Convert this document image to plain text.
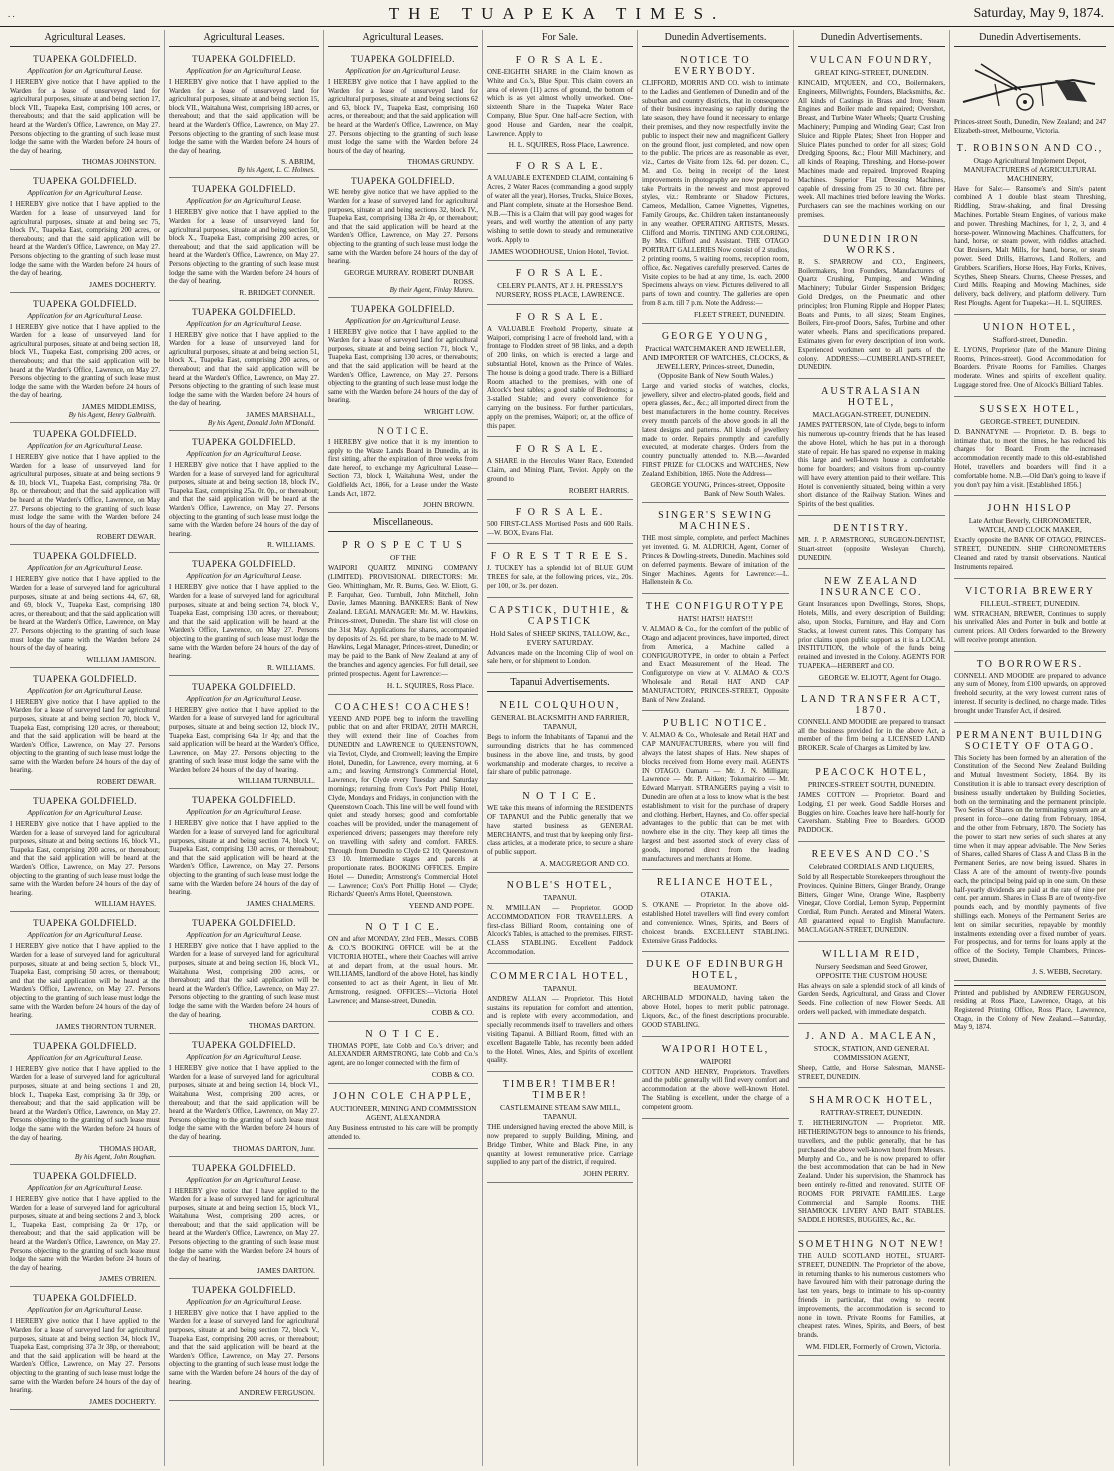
. .	THE TUAPEKA TIMES.	Saturday, May 9, 1874.
Agricultural Leases.
TUAPEKA GOLDFIELD.
Application for an Agricultural Lease.

I HEREBY give notice that I have applied to the Warden for a lease of unsurveyed land for agricultural purposes, situate at and being section 17, block VII., Tuapeka East, comprising 100 acres, or thereabouts; and that the said application will be heard at the Warden's Office, Lawrence, on May 27. Persons objecting to the granting of such lease must lodge the same with the Warden before 24 hours of the day of hearing.

THOMAS JOHNSTON.
TUAPEKA GOLDFIELD.
Application for an Agricultural Lease.

I HEREBY give notice that I have applied to the Warden for a lease of unsurveyed land for agricultural purposes, situate at and being sec 75, block IV., Tuapeka East, comprising 200 acres, or thereabouts; and that the said application will be heard at the Warden's Office, Lawrence, on May 27. Persons objecting to the granting of such lease must lodge the same with the Warden before 24 hours of the day of hearing.

JAMES DOCHERTY.
TUAPEKA GOLDFIELD.
Application for an Agricultural Lease.

I HEREBY give notice that I have applied to the Warden for a lease of unsurveyed land for agricultural purposes, situate at and being section 18, block VI., Tuapeka East, comprising 200 acres, or thereabouts; and that the said application will be heard at the Warden's Office, Lawrence, on May 27. Persons objecting to the granting of such lease must lodge the same with the Warden before 24 hours of the day of hearing.

JAMES MIDDLEMISS,
By his Agent, Henry Galbraith.
TUAPEKA GOLDFIELD.
Application for an Agricultural Lease.

I HEREBY give notice that I have applied to the Warden for a lease of unsurveyed land for agricultural purposes, situate at and being sections 9 & 10, block VI., Tuapeka East, comprising 78a. 0r 8p. or thereabout; and that the said application will be heard at the Warden's Office, Lawrence, on May 27. Persons objecting to the granting of such lease must lodge the same with the Warden before 24 hours of the day of hearing.

ROBERT DEWAR.
TUAPEKA GOLDFIELD.
Application for an Agricultural Lease.

I HEREBY give notice that I have applied to the Warden for a lease of surveyed land for agricultural purposes, situate at and being sections 44, 67, 68, and 69, block V., Tuapeka East, comprising 180 acres, or thereabout; and that the said application will be heard at the Warden's Office, Lawrence, on May 27. Persons objecting to the granting of such lease must lodge the same with the Warden before 24 hours of the day of hearing.

WILLIAM JAMISON.
TUAPEKA GOLDFIELD.
Application for an Agricultural Lease.

I HEREBY give notice that I have applied to the Warden for a lease of surveyed land for agricultural purposes, situate at and being section 70, block V., Tuapeka East, comprising 120 acres, or thereabout; and that the said application will be heard at the Warden's Office, Lawrence, on May 27. Persons objecting to the granting of such lease must lodge the same with the Warden before 24 hours of the day of hearing.

ROBERT DEWAR.
TUAPEKA GOLDFIELD.
Application for an Agricultural Lease.

I HEREBY give notice that I have applied to the Warden for a lease of surveyed land for agricultural purposes, situate at and being sections 16, block VI., Tuapeka East, comprising 200 acres, or thereabout; and that the said application will be heard at the Warden's Office, Lawrence, on May 27. Persons objecting to the granting of such lease must lodge the same with the Warden before 24 hours of the day of hearing.

WILLIAM HAYES.
TUAPEKA GOLDFIELD.
Application for an Agricultural Lease.

I HEREBY give notice that I have applied to the Warden for a lease of surveyed land for agricultural purposes, situate at and being section 5, block VI., Tuapeka East, comprising 50 acres, or thereabout; and that the said application will be heard at the Warden's Office, Lawrence, on May 27. Persons objecting to the granting of such lease must lodge the same with the Warden before 24 hours of the day of hearing.

JAMES THORNTON TURNER.
TUAPEKA GOLDFIELD.
Application for an Agricultural Lease.

I HEREBY give notice that I have applied to the Warden for a lease of surveyed land for agricultural purposes, situate at and being sections 1 and 20, block I., Tuapeka East, comprising 3a 0r 39p, or thereabout; and that the said application will be heard at the Warden's Office, Lawrence, on May 27. Persons objecting to the granting of such lease must lodge the same with the Warden before 24 hours of the day of hearing.

THOMAS HOAR,
By his Agent, John Roughan.
TUAPEKA GOLDFIELD.
Application for an Agricultural Lease.

I HEREBY give notice that I have applied to the Warden for a lease of surveyed land for agricultural purposes, situate at and being sections 2 and 3, block I., Tuapeka East, comprising 2a 0r 17p, or thereabout; and that the said application will be heard at the Warden's Office, Lawrence, on May 27. Persons objecting to the granting of such lease must lodge the same with the Warden before 24 hours of the day of hearing.

JAMES O'BRIEN.
TUAPEKA GOLDFIELD.
Application for an Agricultural Lease.

I HEREBY give notice that I have applied to the Warden for a lease of surveyed land for agricultural purposes, situate at and being section 34, block IV., Tuapeka East, comprising 37a 3r 38p, or thereabout; and that the said application will be heard at the Warden's Office, Lawrence, on May 27. Persons objecting to the granting of such lease must lodge the same with the Warden before 24 hours of the day of hearing.

JAMES DOCHERTY.
Agricultural Leases.
TUAPEKA GOLDFIELD.
Application for an Agricultural Lease.

I HEREBY give notice that I have applied to the Warden for a lease of unsurveyed land for agricultural purposes, situate at and being section 15, block VII., Waitahuna West, comprising 180 acres, or thereabout; and that the said application will be heard at the Warden's Office, Lawrence, on May 27. Persons objecting to the granting of such lease must lodge the same with the Warden before 24 hours of the day of hearing.

S. ABRIM,
By his Agent, L. C. Holmes.
TUAPEKA GOLDFIELD.
Application for an Agricultural Lease.

I HEREBY give notice that I have applied to the Warden for a lease of unsurveyed land for agricultural purposes, situate at and being section 50, block X., Tuapeka East, comprising 200 acres, or thereabout; and that the said application will be heard at the Warden's Office, Lawrence, on May 27. Persons objecting to the granting of such lease must lodge the same with the Warden before 24 hours of the day of hearing.

R. BRIDGET CONNER.
TUAPEKA GOLDFIELD.
Application for an Agricultural Lease.

I HEREBY give notice that I have applied to the Warden for a lease of unsurveyed land for agricultural purposes, situate at and being section 51, block X., Tuapeka East, comprising 200 acres, or thereabout; and that the said application will be heard at the Warden's Office, Lawrence, on May 27. Persons objecting to the granting of such lease must lodge the same with the Warden before 24 hours of the day of hearing.

JAMES MARSHALL,
By his Agent, Donald John M'Donald.
TUAPEKA GOLDFIELD.
Application for an Agricultural Lease.

I HEREBY give notice that I have applied to the Warden for a lease of surveyed land for agricultural purposes, situate at and being section 18, block IV., Tuapeka East, comprising 25a. 0r. 0p., or thereabout; and that the said application will be heard at the Warden's Office, Lawrence, on May 27. Persons objecting to the granting of such lease must lodge the same with the Warden before 24 hours of the day of hearing.

R. WILLIAMS.
TUAPEKA GOLDFIELD.
Application for an Agricultural Lease.

I HEREBY give notice that I have applied to the Warden for a lease of surveyed land for agricultural purposes, situate at and being section 74, block V., Tuapeka East, comprising 130 acres, or thereabout; and that the said application will be heard at the Warden's Office, Lawrence, on May 27. Persons objecting to the granting of such lease must lodge the same with the Warden before 24 hours of the day of hearing.

R. WILLIAMS.
TUAPEKA GOLDFIELD.
Application for an Agricultural Lease.

I HEREBY give notice that I have applied to the Warden for a lease of surveyed land for agricultural purposes, situate at and being section 12, block IV., Tuapeka East, comprising 64a 1r 4p; and that the said application will be heard at the Warden's Office, Lawrence, on May 27. Persons objecting to the granting of such lease must lodge the same with the Warden before 24 hours of the day of hearing.

WILLIAM TURNBULL.
TUAPEKA GOLDFIELD.
Application for an Agricultural Lease.

I HEREBY give notice that I have applied to the Warden for a lease of surveyed land for agricultural purposes, situate at and being section 74, block V., Tuapeka East, comprising 130 acres, or thereabout; and that the said application will be heard at the Warden's Office, Lawrence, on May 27. Persons objecting to the granting of such lease must lodge the same with the Warden before 24 hours of the day of hearing.

JAMES CHALMERS.
TUAPEKA GOLDFIELD.
Application for an Agricultural Lease.

I HEREBY give notice that I have applied to the Warden for a lease of surveyed land for agricultural purposes, situate at and being section 16, block VI., Waitahuna West, comprising 200 acres, or thereabout; and that the said application will be heard at the Warden's Office, Lawrence, on May 27. Persons objecting to the granting of such lease must lodge the same with the Warden before 24 hours of the day of hearing.

THOMAS DARTON.
TUAPEKA GOLDFIELD.
Application for an Agricultural Lease.

I HEREBY give notice that I have applied to the Warden for a lease of surveyed land for agricultural purposes, situate at and being section 14, block VI., Waitahuna West, comprising 200 acres, or thereabout; and that the said application will be heard at the Warden's Office, Lawrence, on May 27. Persons objecting to the granting of such lease must lodge the same with the Warden before 24 hours of the day of hearing.

THOMAS DARTON, Junr.
TUAPEKA GOLDFIELD.
Application for an Agricultural Lease.

I HEREBY give notice that I have applied to the Warden for a lease of surveyed land for agricultural purposes, situate at and being section 15, block VI., Waitahuna West, comprising 200 acres, or thereabout; and that the said application will be heard at the Warden's Office, Lawrence, on May 27. Persons objecting to the granting of such lease must lodge the same with the Warden before 24 hours of the day of hearing.

JAMES DARTON.
TUAPEKA GOLDFIELD.
Application for an Agricultural Lease.

I HEREBY give notice that I have applied to the Warden for a lease of surveyed land for agricultural purposes, situate at and being section 72, block V., Tuapeka East, comprising 200 acres, or thereabout; and that the said application will be heard at the Warden's Office, Lawrence, on May 27. Persons objecting to the granting of such lease must lodge the same with the Warden before 24 hours of the day of hearing.

ANDREW FERGUSON.
Agricultural Leases.
TUAPEKA GOLDFIELD.
Application for an Agricultural Lease.

I HEREBY give notice that I have applied to the Warden for a lease of unsurveyed land for agricultural purposes, situate at and being sections 62 and 63, block IV., Tuapeka East, comprising 160 acres, or thereabout; and that the said application will be heard at the Warden's Office, Lawrence, on May 27. Persons objecting to the granting of such lease must lodge the same with the Warden before 24 hours of the day of hearing.

THOMAS GRUNDY.
TUAPEKA GOLDFIELD.

WE hereby give notice that we have applied to the Warden for a lease of surveyed land for agricultural purposes, situate at and being sections 32, block IV., Tuapeka East, comprising 138a 2r 4p, or thereabout; and that the said application will be heard at the Warden's Office, Lawrence, on May 27. Persons objecting to the granting of such lease must lodge the same with the Warden before 24 hours of the day of hearing.

GEORGE MURRAY. ROBERT DUNBAR ROSS.
By their Agent, Finlay Munro.
TUAPEKA GOLDFIELD.
Application for an Agricultural Lease.

I HEREBY give notice that I have applied to the Warden for a lease of surveyed land for agricultural purposes, situate at and being section 71, block V., Tuapeka East, comprising 130 acres, or thereabouts; and that the said application will be heard at the Warden's Office, Lawrence, on May 27. Persons objecting to the granting of such lease must lodge the same with the Warden before 24 hours of the day of hearing.

WRIGHT LOW.
N O T I C E.

I HEREBY give notice that it is my intention to apply to the Waste Lands Board in Dunedin, at its first sitting, after the expiration of three weeks from date hereof, to exchange my Agricultural Lease—Section 73, block I, Waitahuna West, under the Goldfields Act, 1866, for a Lease under the Waste Lands Act, 1872.

JOHN BROWN.
Miscellaneous.
P R O S P E C T U S
OF THE

WAIPORI QUARTZ MINING COMPANY (LIMITED). PROVISIONAL DIRECTORS: Mr. Geo. Whittingham, Mr. R. Burns, Geo. W. Eliott, G. P. Farquhar, Geo. Turnbull, John Mitchell, John Davie, James Manning. BANKERS: Bank of New Zealand. LEGAL MANAGER: Mr. M. W. Hawkins, Princes-street, Dunedin. The share list will close on the 31st May. Applications for shares, accompanied by deposits of 2s. 6d. per share, to be made to M. W. Hawkins, Legal Manager, Princes-street, Dunedin; or may be paid to the Bank of New Zealand at any of the branches and agency agencies. For full detail, see printed prospectus. Agent for Lawrence:—

H. L. SQUIRES, Ross Place.
COACHES! COACHES!

YEEND AND POPE beg to inform the travelling public that on and after FRIDAY, 20TH MARCH, they will extend their line of Coaches from DUNEDIN and LAWRENCE to QUEENSTOWN, via Teviot, Clyde, and Cromwell; leaving the Empire Hotel, Dunedin, for Lawrence, every morning, at 6 a.m.; and leaving Armstrong's Commercial Hotel, Lawrence, for Clyde every Tuesday and Saturday mornings; returning from Cox's Port Philip Hotel, Clyde, Mondays and Fridays, in conjunction with the Queenstown Coach. This line will be well found with quiet and steady horses; good and comfortable coaches will be provided, under the management of experienced drivers; passengers may therefore rely on travelling with safety and comfort. FARES. Through from Dunedin to Clyde £2 10; Queenstown £3 10. Intermediate stages and parcels at proportionate rates. BOOKING OFFICES. Empire Hotel — Dunedin; Armstrong's Commercial Hotel — Lawrence; Cox's Port Phillip Hotel — Clyde; Richards' Queen's Arms Hotel, Queenstown.

YEEND AND POPE.
N O T I C E.

ON and after MONDAY, 23rd FEB., Messrs. COBB & CO.'S BOOKING OFFICE will be at the VICTORIA HOTEL, where their Coaches will arrive at and depart from, at the usual hours. Mr. WILLIAMS, landlord of the above Hotel, has kindly consented to act as their Agent, in lieu of Mr. Armstrong, resigned. OFFICES:—Victoria Hotel Lawrence; and Manse-street, Dunedin.

COBB & CO.
N O T I C E.

THOMAS POPE, late Cobb and Co.'s driver; and ALEXANDER ARMSTRONG, late Cobb and Co.'s agent, are no longer connected with the firm of

COBB & CO.
JOHN COLE CHAPPLE,
AUCTIONEER, MINING AND COMMISSION AGENT, ALEXANDRA

Any Business entrusted to his care will be promptly attended to.

For Sale.
F O R S A L E.

ONE-EIGHTH SHARE in the Claim known as White and Co.'s, Blue Spur. This claim covers an area of eleven (11) acres of ground, the bottom of which is as yet almost wholly unworked. One-sixteenth Share in the Tuapeka Water Race Company, Blue Spur. One half-acre Section, with good House and Garden, near the coalpit, Lawrence. Apply to

H. L. SQUIRES, Ross Place, Lawrence.
F O R S A L E.

A VALUABLE EXTENDED CLAIM, containing 6 Acres, 2 Water Races (commanding a good supply of water all the year), Horses, Trucks, Sluice Boxes, and Plant complete, situate at the Horseshoe Bend. N.B.—This is a Claim that will pay good wages for years, and well worthy the attention of any party wishing to settle down to steady and remunerative work. Apply to

JAMES WOODHOUSE, Union Hotel, Teviot.
F O R S A L E.
CELERY PLANTS, AT J. H. PRESSLY'S NURSERY, ROSS PLACE, LAWRENCE.
F O R S A L E.

A VALUABLE Freehold Property, situate at Waipori, comprising 1 acre of freehold land, with a frontage to Flodden street of 98 links, and a depth of 200 links, on which is erected a large and substantial Hotel, known as the Prince of Wales. The house is doing a good trade. There is a Billiard Room attached to the premises, with one of Alcock's best tables; a good stable of Bedrooms; a 3-stalled Stable; and every convenience for carrying on the business. For further particulars, apply on the premises, Waipori; or, at the office of this paper.

F O R S A L E.

A SHARE in the Hercules Water Race, Extended Claim, and Mining Plant, Teviot. Apply on the ground to

ROBERT HARRIS.
F O R S A L E.

500 FIRST-CLASS Mortised Posts and 600 Rails.—W. BOX, Evans Flat.

F O R E S T T R E E S.

J. TUCKEY has a splendid lot of BLUE GUM TREES for sale, at the following prices, viz., 20s. per 100, or 3s. per dozen.

CAPSTICK, DUTHIE, & CAPSTICK
Hold Sales of SHEEP SKINS, TALLOW, &c., EVERY SATURDAY.

Advances made on the Incoming Clip of wool on sale here, or for shipment to London.

Tapanui Advertisements.
NEIL COLQUHOUN,
GENERAL BLACKSMITH AND FARRIER, TAPANUI,

Begs to inform the Inhabitants of Tapanui and the surrounding districts that he has commenced business in the above line, and trusts, by good workmanship and moderate charges, to receive a fair share of public patronage.

N O T I C E.

WE take this means of informing the RESIDENTS OF TAPANUI and the Public generally that we have started business as GENERAL MERCHANTS, and trust that by keeping only first-class articles, at a moderate price, to secure a share of public support.

A. MACGREGOR AND CO.
NOBLE'S HOTEL,
TAPANUI.

N. M'MILLAN — Proprietor. GOOD ACCOMMODATION FOR TRAVELLERS. A first-class Billiard Room, containing one of Alcock's Tables, is attached to the premises. FIRST-CLASS STABLING. Excellent Paddock Accommodation.

COMMERCIAL HOTEL,
TAPANUI.

ANDREW ALLAN — Proprietor. This Hotel sustains its reputation for comfort and attention, and is replete with every accommodation, and specially recommends itself to travellers and others visiting Tapanui. A Billiard Room, fitted with an excellent Bagatelle Table, has recently been added to the Hotel. Wines, Ales, and Spirits of excellent quality.

TIMBER! TIMBER! TIMBER!
CASTLEMAINE STEAM SAW MILL, TAPANUI.

THE undersigned having erected the above Mill, is now prepared to supply Building, Mining, and Bridge Timber, White and Black Pine, in any quantity at lowest remunerative price. Carriage supplied to any part of the district, if required.

JOHN PERRY.
Dunedin Advertisements.
NOTICE TO EVERYBODY.

CLIFFORD, MORRIS AND CO. wish to intimate to the Ladies and Gentlemen of Dunedin and of the suburban and country districts, that in consequence of their business increasing so rapidly during the late season, they have found it necessary to enlarge their premises, and they now respectfully invite the public to inspect their new and magnificent Gallery on the ground floor, just completed, and now open to the public. The prices are as reasonable as ever, viz., Cartes de Visite from 12s. 6d. per dozen. C., M. and Co. being in receipt of the latest improvements in photography are now prepared to take Portraits in the newest and most approved styles, viz.: Rembrante or Shadow Pictures, Cameos, Medallion, Camee Vignettes, Vignettes, Family Groups, &c. Children taken instantaneously in any weather. OPERATING ARTISTS, Messrs. Clifford and Morris. TINTING AND COLORING, By Mrs. Clifford and Assistant. THE OTAGO PORTRAIT GALLERIES Now consist of 2 studios, 2 printing rooms, 5 waiting rooms, reception room, office, &c. Negatives carefully preserved. Cartes de Visite copies to be had at any time, 1s. each. 2000 Specimens always on view. Pictures delivered to all parts of town and country. The galleries are open from 8 a.m. till 7 p.m. Note the Address:—

FLEET STREET, DUNEDIN.
GEORGE YOUNG,
Practical WATCHMAKER AND JEWELLER, AND IMPORTER OF WATCHES, CLOCKS, & JEWELLERY, Princes-street, Dunedin, (Opposite Bank of New South Wales.)

Large and varied stocks of watches, clocks, jewellery, silver and electro-plated goods, field and opera glasses, &c., &c.; all imported direct from the best manufacturers in the home country. Receives every month parcels of the above goods in all the latest designs and patterns. All kinds of jewellery made to order. Repairs promptly and carefully executed, at moderate charges. Orders from the country punctually attended to. N.B.—Awarded FIRST PRIZE for CLOCKS and WATCHES, New Zealand Exhibition, 1865. Note the Address—

GEORGE YOUNG, Princes-street, Opposite Bank of New South Wales.
SINGER'S SEWING MACHINES.

THE most simple, complete, and perfect Machines yet invented. G. M. ALDRICH, Agent, Corner of Princes & Dowling-streets, Dunedin. Machines sold on deferred payments. Beware of imitation of the Singer Machines. Agents for Lawrence:—L. Hallenstein & Co.

THE CONFIGUROTYPE
HATS! HATS!! HATS!!!

V. ALMAO & Co., for the comfort of the public of Otago and adjacent provinces, have imported, direct from America, a Machine called a CONFIGUROTYPE, in order to obtain a Perfect and Exact Measurement of the Head. The Configurotype on view at V. ALMAO & CO.'S Wholesale and Retail HAT AND CAP MANUFACTORY, PRINCES-STREET, Opposite Bank of New Zealand.

PUBLIC NOTICE.

V. ALMAO & Co., Wholesale and Retail HAT and CAP MANUFACTURERS, where you will find always the latest shapes of Hats. New shapes of blocks received from Home every mail. AGENTS IN OTAGO. Oamaru — Mr. J. N. Milligan; Lawrence — Mr. P. Aitken; Tokomairiro — Mr. Edward Marryatt. STRANGERS paying a visit to Dunedin are often at a loss to know what is the best establishment to visit for the purchase of drapery and clothing. Herbert, Haynes, and Co. offer special advantages to the public that can be met with nowhere else in the city. They keep all times the largest and best assorted stock of every class of goods, imported direct from the leading manufacturers and merchants at Home.

RELIANCE HOTEL,
OTAKIA.

S. O'KANE — Proprietor. In the above old-established Hotel travellers will find every comfort and convenience. Wines, Spirits, and Beers of choicest brands. EXCELLENT STABLING. Extensive Grass Paddocks.

DUKE OF EDINBURGH HOTEL,
BEAUMONT.

ARCHIBALD M'DONALD, having taken the above Hotel, hopes to merit public patronage. Liquors, &c., of the finest descriptions procurable. GOOD STABLING.

WAIPORI HOTEL,
WAIPORI

COTTON AND HENRY, Proprietors. Travellers and the public generally will find every comfort and accommodation at the above well-known Hotel. The Stabling is excellent, under the charge of a competent groom.

Dunedin Advertisements.
VULCAN FOUNDRY,
GREAT KING-STREET, DUNEDIN.

KINCAID, M'QUEEN, and CO., Boilermakers, Engineers, Millwrights, Founders, Blacksmiths, &c. All kinds of Castings in Brass and Iron; Steam Engines and Boiler made and repaired; Overshot, Breast, and Turbine Water Wheels; Quartz Crushing Machinery; Pumping and Winding Gear; Cast Iron Sluice and Ripple Plates; Sheet Iron Hopper and Sluice Plates punched to order for all sizes; Gold Dredging Spoons, &c.; Flour Mill Machinery, and all kinds of Reaping, Threshing, and Horse-power Machines made and repaired. Improved Reaping Machines. Superior Flat Dressing Machines, capable of dressing from 25 to 30 cwt. fibre per week. All machines tried before leaving the Works. Purchasers can see the machines working on our premises.

DUNEDIN IRON WORKS.

R. S. SPARROW and CO., Engineers, Boilermakers, Iron Founders, Manufacturers of Quartz Crushing, Pumping, and Winding Machinery; Tubular Girder Suspension Bridges; Gold Dredges, on the Pneumatic and other principles; Iron Fluming Ripple and Hopper Plates; Boats and Punts, to all sizes; Steam Engines, Boilers, Fire-proof Doors, Safes, Turbine and other water wheels. Plans and specifications prepared. Estimates given for every description of iron work. Experienced workmen sent to all parts of the colony. ADDRESS:—CUMBERLAND-STREET, DUNEDIN.

AUSTRALASIAN HOTEL,
MACLAGGAN-STREET, DUNEDIN.

JAMES PATTERSON, late of Clyde, begs to inform his numerous up-country friends that he has leased the above Hotel, which he has put in a thorough state of repair. He has spared no expense in making this large and well-known house a comfortable home for boarders; and visitors from up-country will have every attention paid to their welfare. This Hotel is conveniently situated, being within a very short distance of the Railway Station. Wines and Spirits of the best qualities.

DENTISTRY.

MR. J. P. ARMSTRONG, SURGEON-DENTIST, Stuart-street (opposite Wesleyan Church), DUNEDIN.

NEW ZEALAND INSURANCE CO.

Grant Insurances upon Dwellings, Stores, Shops, Hotels, Mills, and every description of Building; also, upon Stocks, Furniture, and Hay and Corn Stacks, at lowest current rates. This Company has prior claims upon public support as it is a LOCAL INSTITUTION, the whole of the funds being retained and invested in the Colony. AGENTS FOR TUAPEKA—HERBERT and CO.

GEORGE W. ELIOTT, Agent for Otago.
LAND TRANSFER ACT, 1870.

CONNELL AND MOODIE are prepared to transact all the business provided for in the above Act, a member of the firm being a LICENSED LAND BROKER. Scale of Charges as Limited by law.

PEACOCK HOTEL,
PRINCES-STREET SOUTH, DUNEDIN.

JAMES COTTON — Proprietor. Board and Lodging, £1 per week. Good Saddle Horses and Buggies on hire. Coaches leave here half-hourly for Caversham. Stabling Free to Boarders. GOOD PADDOCK.

REEVES AND CO.'S
Celebrated CORDIALS AND LIQUERS,

Sold by all Respectable Storekeepers throughout the Provinces. Quinine Bitters, Ginger Brandy, Orange Bitters, Ginger Wine, Orange Wine, Raspberry Vinegar, Clove Cordial, Lemon Syrup, Peppermint Cordial, Rum Punch. Aerated and Mineral Waters. All guaranteed equal to English Manufacture. MACLAGGAN-STREET, DUNEDIN.

WILLIAM REID,
Nursery Seedsman and Seed Grower, OPPOSITE THE CUSTOM HOUSE

Has always on sale a splendid stock of all kinds of Garden Seeds, Agricultural, and Grass and Clover Seeds. Fine collection of new Flower Seeds. All orders well packed, with immediate despatch.

J. AND A. MACLEAN,
STOCK, STATION, AND GENERAL COMMISSION AGENT,

Sheep, Cattle, and Horse Salesman, MANSE-STREET, DUNEDIN.

SHAMROCK HOTEL,
RATTRAY-STREET, DUNEDIN.

T. HETHERINGTON — Proprietor. MR. HETHERINGTON begs to announce to his friends, travellers, and the public generally, that he has purchased the above well-known hotel from Messrs. Murphy and Co., and he is now prepared to offer the best accommodation that can be had in New Zealand. Under his supervision, the Shamrock has been entirely re-fitted and renovated. SUITE OF ROOMS FOR PRIVATE FAMILIES. Large Commercial and Sample Rooms. THE SHAMROCK LIVERY AND BAIT STABLES. SADDLE HORSES, BUGGIES, &c., &c.

SOMETHING NOT NEW!

THE AULD SCOTLAND HOTEL, STUART-STREET, DUNEDIN. The Proprietor of the above, in returning thanks to his numerous customers who have favoured him with their patronage during the last ten years, begs to intimate to his up-country friends in particular, that owing to recent improvements, the accommodation is second to none in town. Private Rooms for Families, at cheapest rates. Wines, Spirits, and Beers, of best brands.

WM. FIDLER, Formerly of Crown, Victoria.
Dunedin Advertisements.

Princes-street South, Dunedin, New Zealand; and 247 Elizabeth-street, Melbourne, Victoria.

T. ROBINSON AND CO.,
Otago Agricultural Implement Depot, MANUFACTURERS of AGRICULTURAL MACHINERY,

Have for Sale:— Ransome's and Sim's patent combined A 1 double blast steam Threshing, Riddling, Straw-shaking, and final Dressing Machines. Portable Steam Engines, of various make and power. Threshing Machines, for 1, 2, 3, and 4 horse-power. Winnowing Machines. Chaffcutters, for hand, horse, or steam power, with riddles attached. Oat Bruisers, Malt Mills, for hand, horse, or steam power. Seed Drills, Harrows, Land Rollers, and Grubbers. Scarifiers, Horse Hoes, Hay Forks, Knives, Scythes, Sheep Shears. Churns, Cheese Presses, and Curd Mills. Reaping and Mowing Machines, side delivery, back delivery, and platform delivery. Turn Rest Ploughs. Agent for Tuapeka:—H. L. SQUIRES.

UNION HOTEL,
Stafford-street, Dunedin.

E. LYONS, Proprietor (late of the Manure Dining Rooms, Princes-street). Good Accommodation for Boarders. Private Rooms for Families. Charges moderate. Wines and spirits of excellent quality. Luggage stored free. One of Alcock's Billiard Tables.

SUSSEX HOTEL,
GEORGE-STREET, DUNEDIN.

D. BANNATYNE — Proprietor. D. B. begs to intimate that, to meet the times, he has reduced his charges for Board. From the increased accommodation recently made to this old-established Hotel, travellers and boarders will find it a comfortable home. N.B.—Old Dan's going to leave if you don't pay him a visit. [Established 1856.]

JOHN HISLOP
Late Arthur Beverly, CHRONOMETER, WATCH, AND CLOCK MAKER,

Exactly opposite the BANK OF OTAGO, PRINCES-STREET, DUNEDIN. SHIP CHRONOMETERS Cleaned and rated by transit observations. Nautical Instruments repaired.

VICTORIA BREWERY
FILLEUL-STREET, DUNEDIN.

WM. STRACHAN, BREWER, Continues to supply his unrivalled Ales and Porter in bulk and bottle at current prices. All Orders forwarded to the Brewery will receive prompt attention.

TO BORROWERS.

CONNELL AND MOODIE are prepared to advance any sum of Money, from £100 upwards, on approved freehold security, at the very lowest current rates of interest. If security is declined, no charge made. Titles brought under Transfer Act, if desired.

PERMANENT BUILDING SOCIETY OF OTAGO.

This Society has been formed by an alteration of the Constitution of the Second New Zealand Building and Mutual Investment Society, 1864. By its Constitution it is able to transact every description of business usually undertaken by Building Societies, both on the terminating and the permanent principle. Two Series of Shares on the terminating system are at present in force—one dating from February, 1864, and the other from February, 1870. The Society has the power to start new series of such shares at any time when it may appear advisable. The New Series of Shares, called Shares of Class A and Class B in the Permanent Series, are now being issued. Shares in Class A are of the amount of twenty-five pounds each, the principal being paid up in one sum. On these half-yearly dividends are paid at the rate of nine per cent. per annum. Shares in Class B are of twenty-five pounds each, and by monthly payments of five shillings each. Moneys of the Permanent Series are lent on similar securities, repayable by monthly instalments extending over a fixed number of years. For prospectus, and for terms for loans apply at the office of the Society, Temple Chambers, Princes-street, Dunedin.

J. S. WEBB, Secretary.
Printed and published by ANDREW FERGUSON, residing at Ross Place, Lawrence, Otago, at his Registered Printing Office, Ross Place, Lawrence, Otago, in the Colony of New Zealand.—Saturday, May 9, 1874.
